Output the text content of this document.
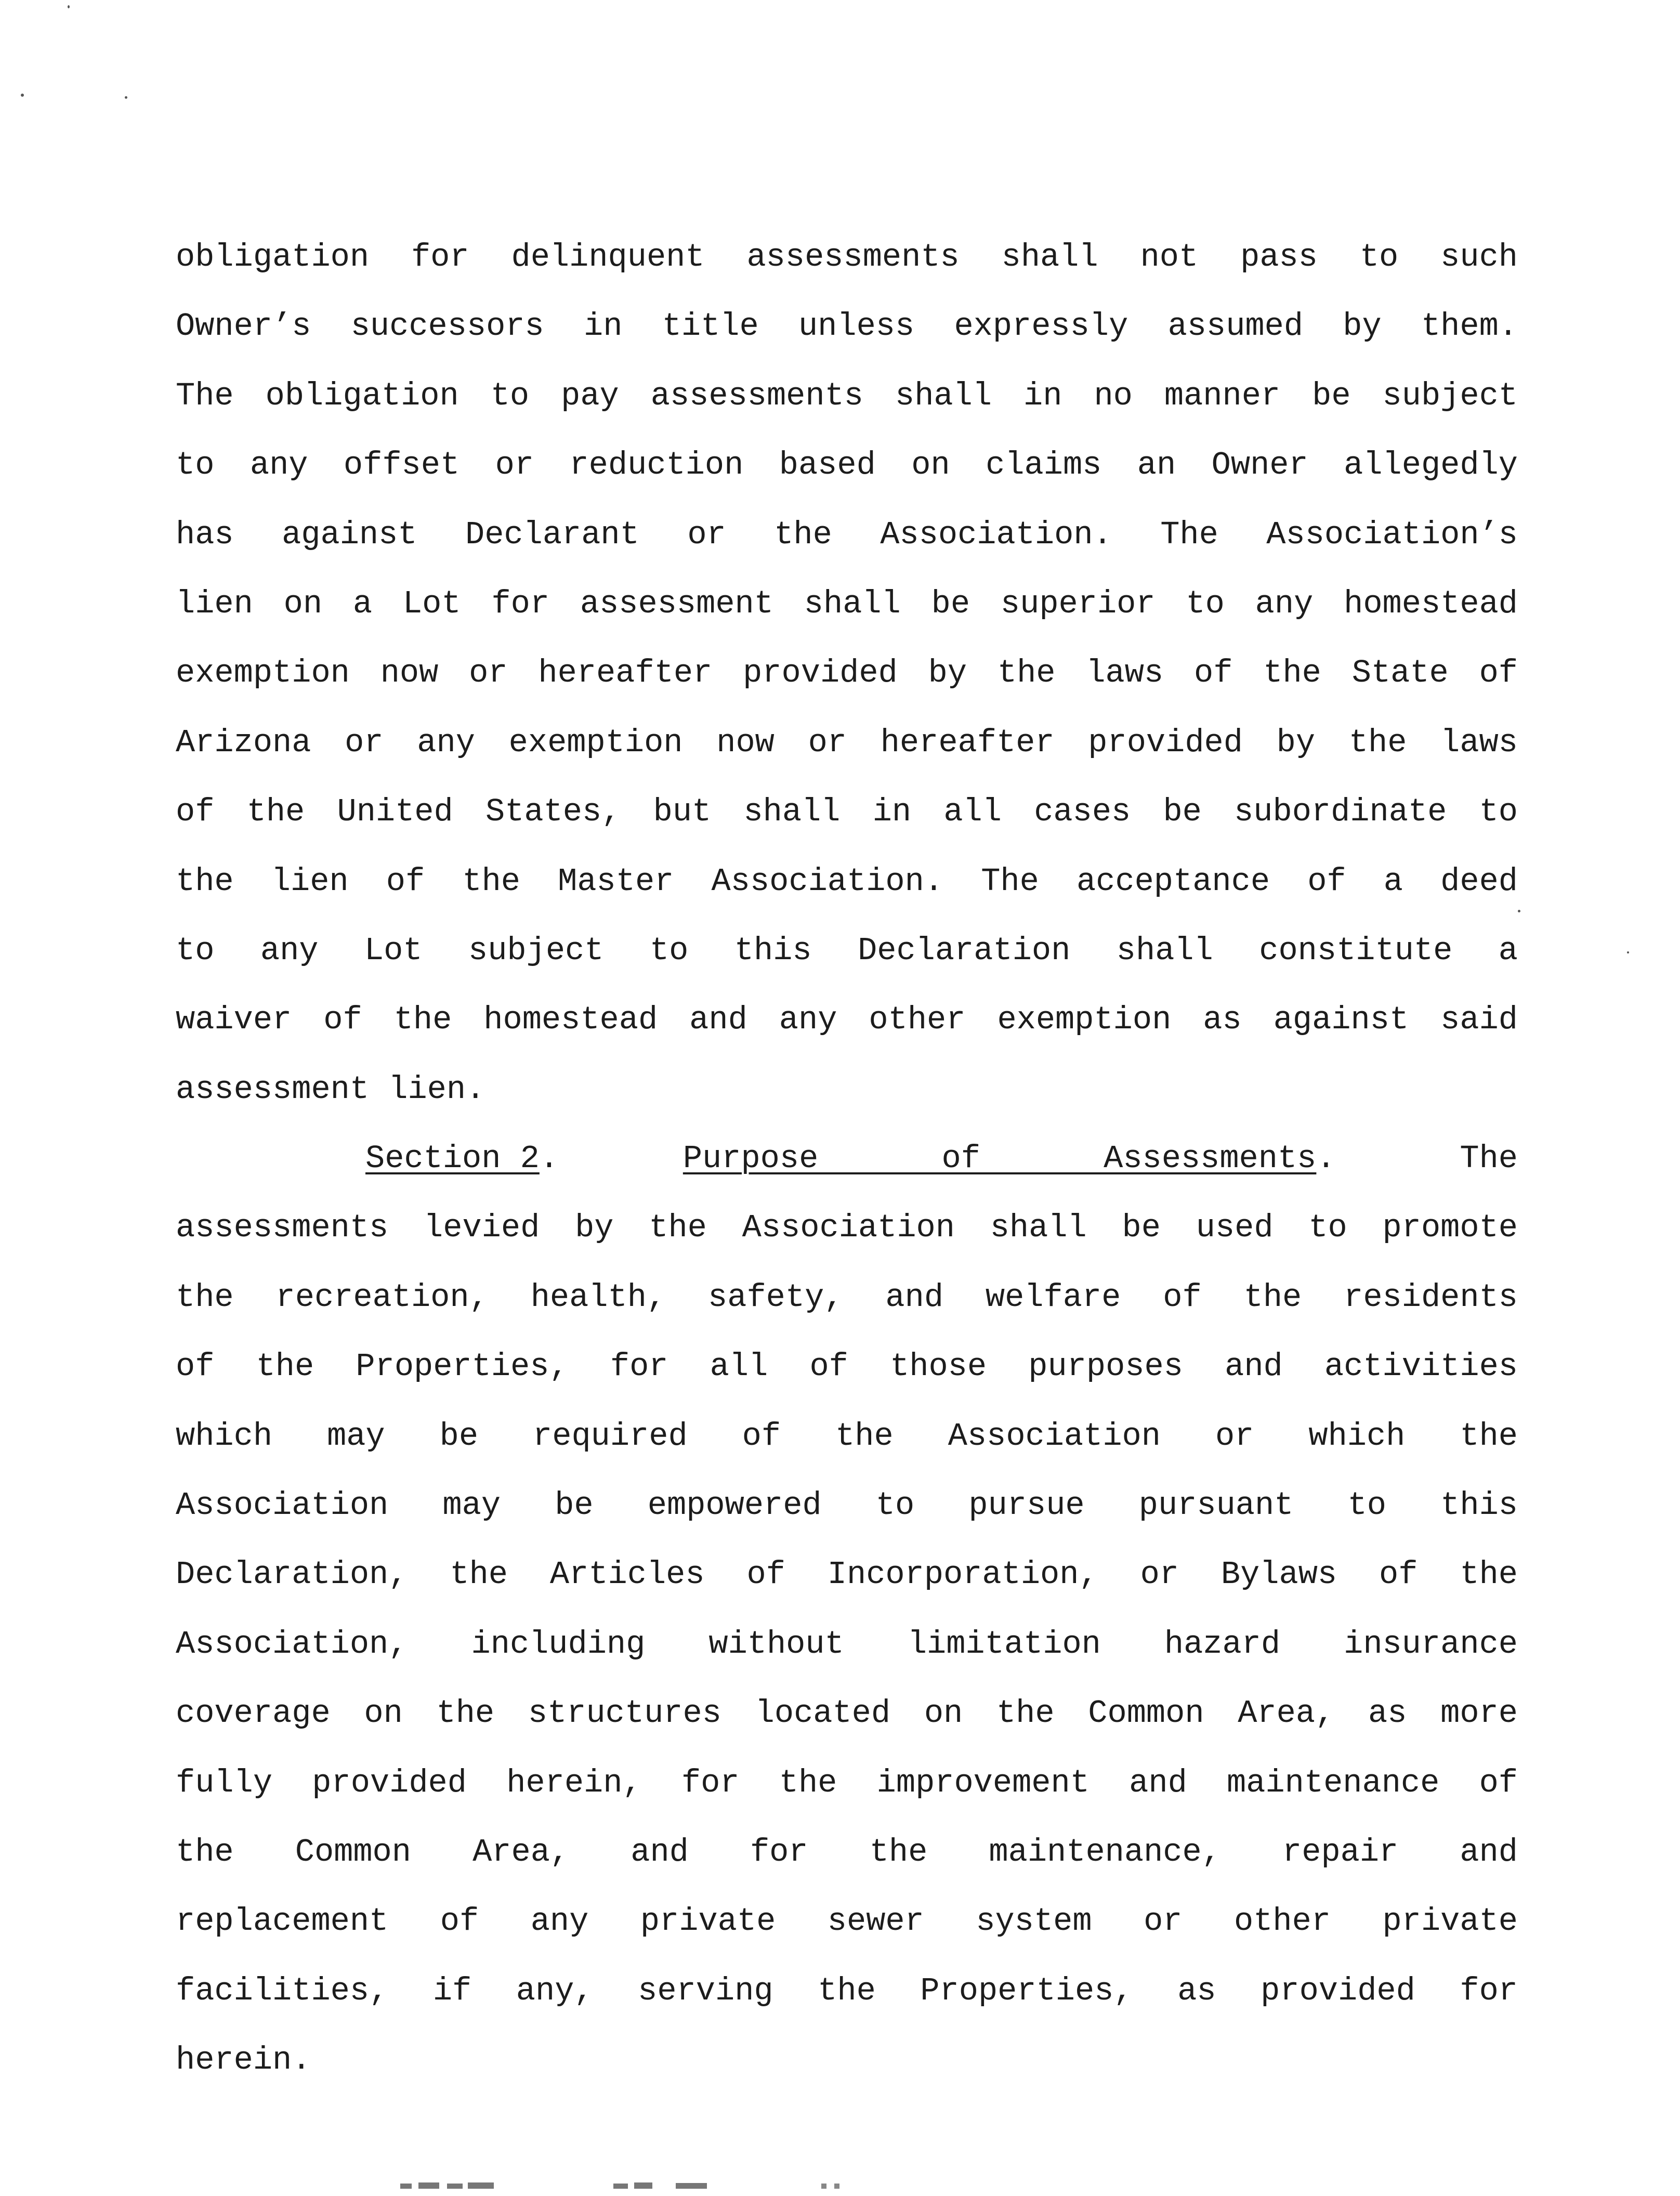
obligation for delinquent assessments shall not pass to such
Owner’s successors in title unless expressly assumed by them.
The obligation to pay assessments shall in no manner be subject
to any offset or reduction based on claims an Owner allegedly
has against Declarant or the Association. The Association’s
lien on a Lot for assessment shall be superior to any homestead
exemption now or hereafter provided by the laws of the State of
Arizona or any exemption now or hereafter provided by the laws
of the United States, but shall in all cases be subordinate to
the lien of the Master Association. The acceptance of a deed
to any Lot subject to this Declaration shall constitute a
waiver of the homestead and any other exemption as against said
assessment lien.
Section 2.	Purpose of Assessments.	The
assessments levied by the Association shall be used to promote
the recreation, health, safety, and welfare of the residents
of the Properties, for all of those purposes and activities
which may be required of the Association or which the
Association may be empowered to pursue pursuant to this
Declaration, the Articles of Incorporation, or Bylaws of the
Association, including without limitation hazard insurance
coverage on the structures located on the Common Area, as more
fully provided herein, for the improvement and maintenance of
the Common Area, and for the maintenance, repair and
replacement of any private sewer system or other private
facilities, if any, serving the Properties, as provided for
herein.
